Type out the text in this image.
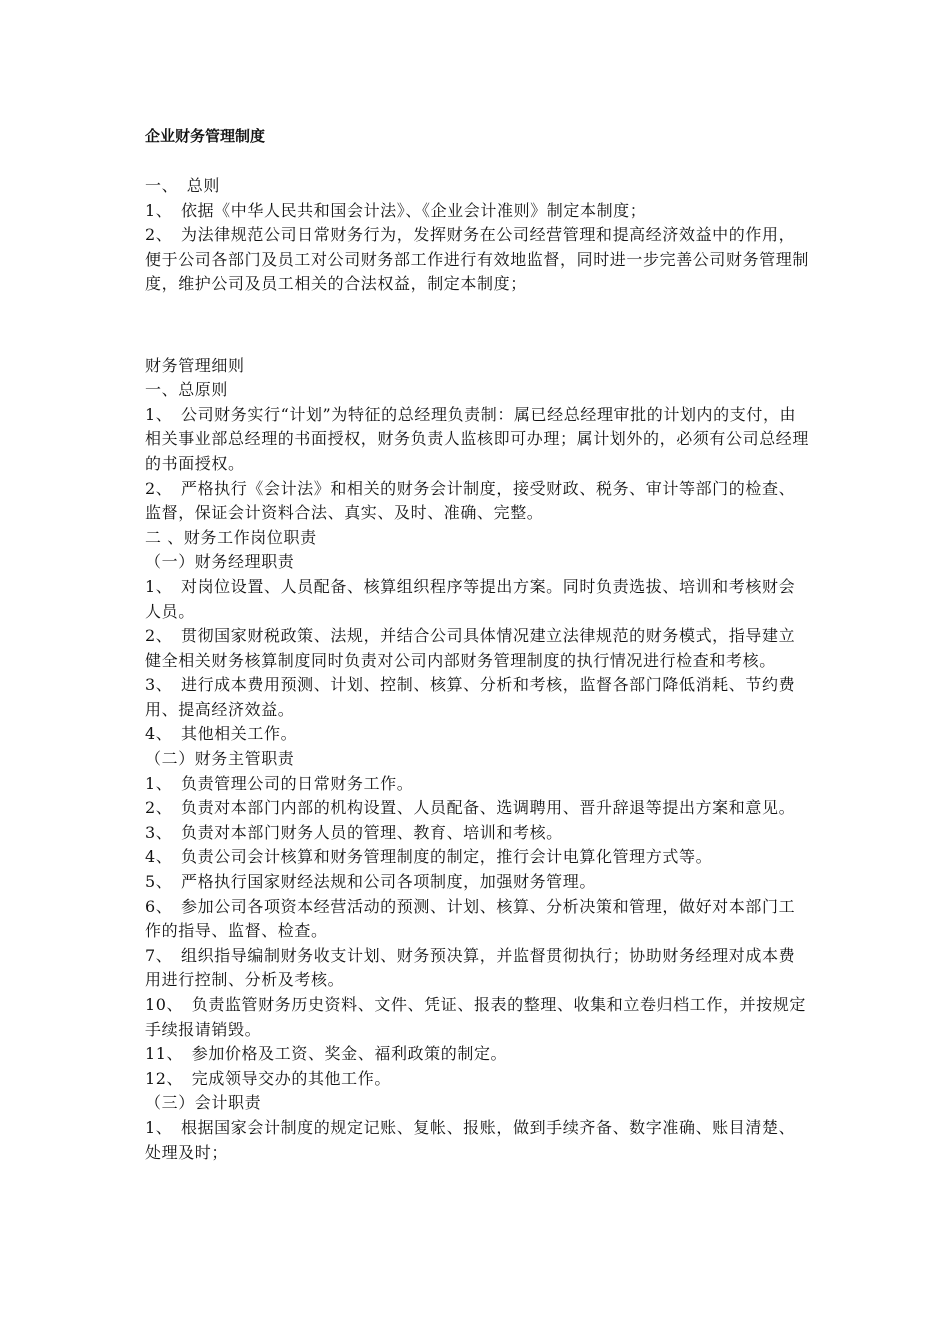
企业财务管理制度

一、　总则

1、　依据《中华人民共和国会计法》、《企业会计准则》制定本制度；

2、　为法律规范公司日常财务行为，发挥财务在公司经营管理和提高经济效益中的作用，便于公司各部门及员工对公司财务部工作进行有效地监督，同时进一步完善公司财务管理制度，维护公司及员工相关的合法权益，制定本制度；

财务管理细则

一、总原则

1、　公司财务实行“计划”为特征的总经理负责制：属已经总经理审批的计划内的支付，由相关事业部总经理的书面授权，财务负责人监核即可办理；属计划外的，必须有公司总经理的书面授权。

2、　严格执行《会计法》和相关的财务会计制度，接受财政、税务、审计等部门的检查、监督，保证会计资料合法、真实、及时、准确、完整。

二 、财务工作岗位职责

（一）财务经理职责

1、　对岗位设置、人员配备、核算组织程序等提出方案。同时负责选拔、培训和考核财会人员。

2、　贯彻国家财税政策、法规，并结合公司具体情况建立法律规范的财务模式，指导建立健全相关财务核算制度同时负责对公司内部财务管理制度的执行情况进行检查和考核。

3、　进行成本费用预测、计划、控制、核算、分析和考核，监督各部门降低消耗、节约费用、提高经济效益。

4、　其他相关工作。

（二）财务主管职责

1、　负责管理公司的日常财务工作。

2、　负责对本部门内部的机构设置、人员配备、选调聘用、晋升辞退等提出方案和意见。

3、　负责对本部门财务人员的管理、教育、培训和考核。

4、　负责公司会计核算和财务管理制度的制定，推行会计电算化管理方式等。

5、　严格执行国家财经法规和公司各项制度，加强财务管理。

6、　参加公司各项资本经营活动的预测、计划、核算、分析决策和管理，做好对本部门工作的指导、监督、检查。

7、　组织指导编制财务收支计划、财务预决算，并监督贯彻执行；协助财务经理对成本费用进行控制、分析及考核。

10、　负责监管财务历史资料、文件、凭证、报表的整理、收集和立卷归档工作，并按规定手续报请销毁。

11、　参加价格及工资、奖金、福利政策的制定。

12、　完成领导交办的其他工作。

（三）会计职责

1、　根据国家会计制度的规定记账、复帐、报账，做到手续齐备、数字准确、账目清楚、处理及时；
